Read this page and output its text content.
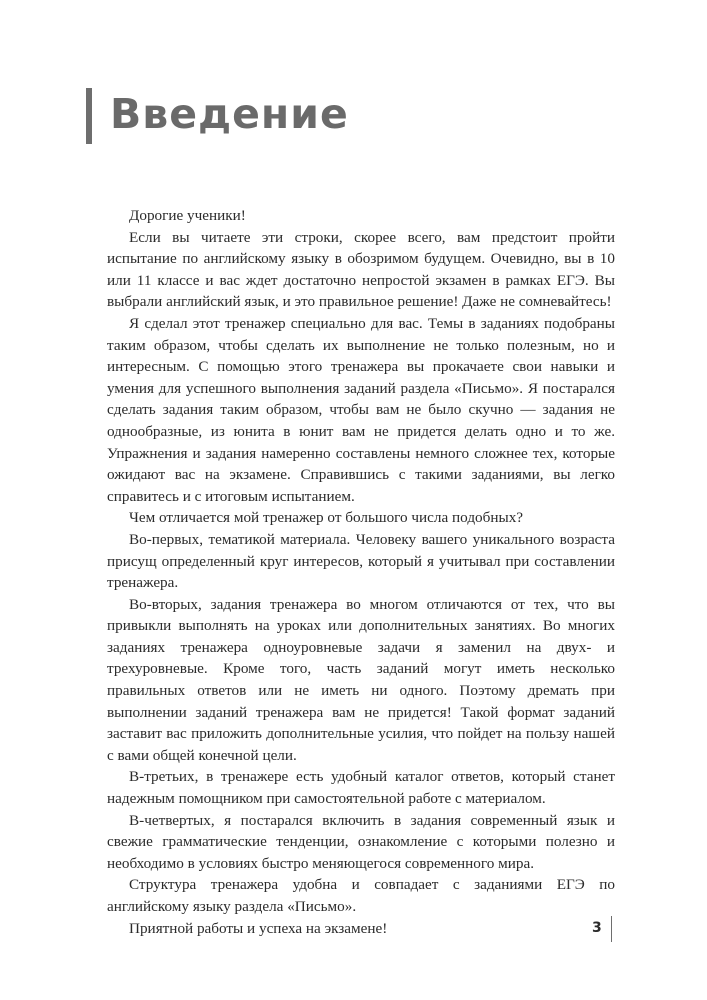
Введение

Дорогие ученики!

Если вы читаете эти строки, скорее всего, вам предстоит пройти испытание по английскому языку в обозримом будущем. Очевидно, вы в 10 или 11 классе и вас ждет достаточно непростой экзамен в рамках ЕГЭ. Вы выбрали английский язык, и это правильное решение! Даже не сомневайтесь!

Я сделал этот тренажер специально для вас. Темы в заданиях подобраны таким образом, чтобы сделать их выполнение не только полезным, но и интересным. С помощью этого тренажера вы прокачаете свои навыки и умения для успешного выполнения заданий раздела «Письмо». Я постарался сделать задания таким образом, чтобы вам не было скучно — задания не однообразные, из юнита в юнит вам не придется делать одно и то же. Упражнения и задания намеренно составлены немного сложнее тех, которые ожидают вас на экзамене. Справившись с такими заданиями, вы легко справитесь и с итоговым испытанием.

Чем отличается мой тренажер от большого числа подобных?

Во-первых, тематикой материала. Человеку вашего уникального возраста присущ определенный круг интересов, который я учитывал при составлении тренажера.

Во-вторых, задания тренажера во многом отличаются от тех, что вы привыкли выполнять на уроках или дополнительных занятиях. Во многих заданиях тренажера одноуровневые задачи я заменил на двух- и трехуровневые. Кроме того, часть заданий могут иметь несколько правильных ответов или не иметь ни одного. Поэтому дремать при выполнении заданий тренажера вам не придется! Такой формат заданий заставит вас приложить дополнительные усилия, что пойдет на пользу нашей с вами общей конечной цели.

В-третьих, в тренажере есть удобный каталог ответов, который станет надежным помощником при самостоятельной работе с материалом.

В-четвертых, я постарался включить в задания современный язык и свежие грамматические тенденции, ознакомление с которыми полезно и необходимо в условиях быстро меняющегося современного мира.

Структура тренажера удобна и совпадает с заданиями ЕГЭ по английскому языку раздела «Письмо».

Приятной работы и успеха на экзамене!	3
